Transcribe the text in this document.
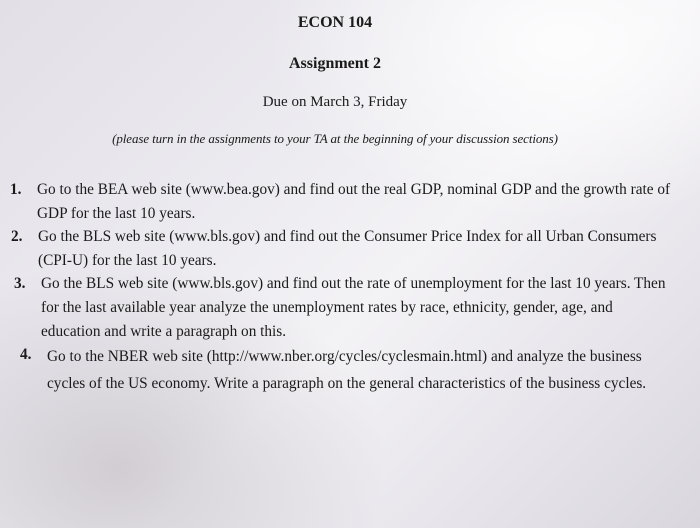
ECON 104
Assignment 2
Due on March 3, Friday
(please turn in the assignments to your TA at the beginning of your discussion sections)
1.	Go to the BEA web site (www.bea.gov) and find out the real GDP, nominal GDP and the growth rate of GDP for the last 10 years.
2.	Go the BLS web site (www.bls.gov) and find out the Consumer Price Index for all Urban Consumers (CPI-U) for the last 10 years.
3.	Go the BLS web site (www.bls.gov) and find out the rate of unemployment for the last 10 years. Then for the last available year analyze the unemployment rates by race, ethnicity, gender, age, and education and write a paragraph on this.
4.	Go to the NBER web site (http://www.nber.org/cycles/cyclesmain.html) and analyze the business cycles of the US economy. Write a paragraph on the general characteristics of the business cycles.
